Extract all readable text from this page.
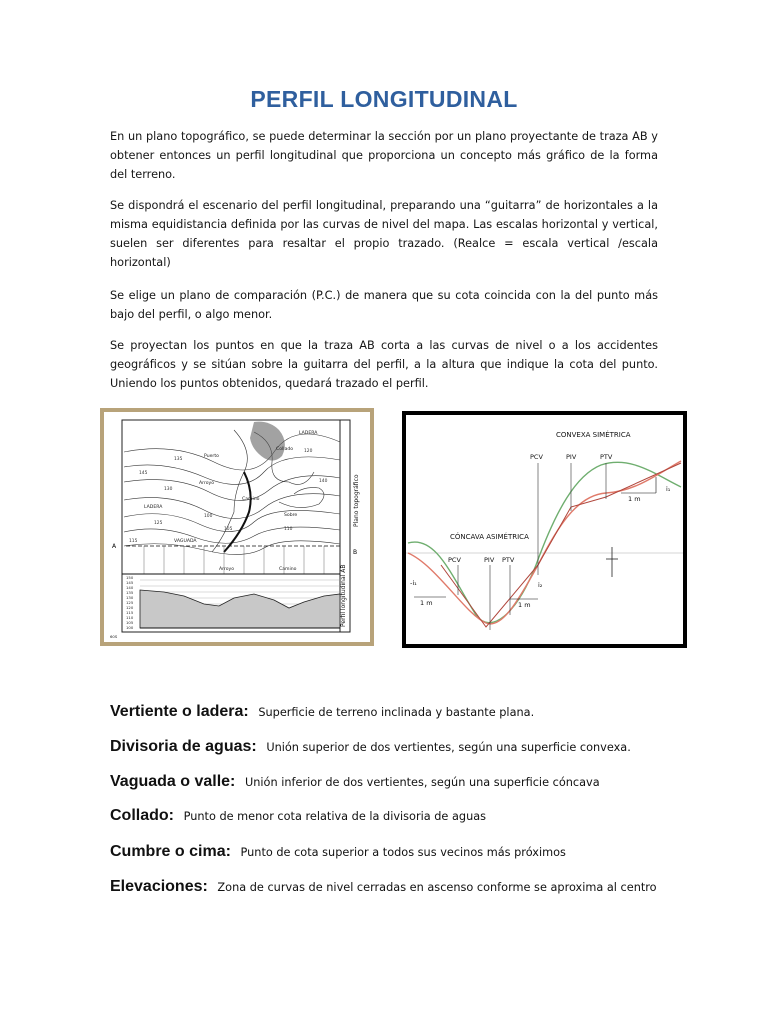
PERFIL LONGITUDINAL
En un plano topográfico, se puede determinar la sección por un plano proyectante de traza AB y obtener entonces un perfil longitudinal que proporciona un concepto más gráfico de la forma del terreno.
Se dispondrá el escenario del perfil longitudinal, preparando una “guitarra” de horizontales a la misma equidistancia definida por las curvas de nivel del mapa. Las escalas horizontal y vertical, suelen ser diferentes para resaltar el propio trazado. (Realce = escala vertical /escala horizontal)
Se elige un plano de comparación (P.C.) de manera que su cota coincida con la del punto más bajo del perfil, o algo menor.
Se proyectan los puntos en que la traza AB corta a las curvas de nivel o a los accidentes geográficos y se sitúan sobre la guitarra del perfil, a la altura que indique la cota del punto. Uniendo los puntos obtenidos, quedará trazado el perfil.
Plano topográfico
Perfil longitudinal AB
LADERA
Puerto
Collado
Arroyo
Camino
LADERA
VAGUADA
Sobre
Arroyo	Camino
135
120
145
130
140
125
105	110
115
100
A
B
150
145
140
135
130
125
120
115
110
105
100
60S
CONVEXA SIMÉTRICA
CÓNCAVA ASIMÉTRICA
PCV	PIV	PTV
PCV	PIV PTV
1 m
1 m	1 m
i₁
i₂
-i₁
Vertiente o ladera: Superficie de terreno inclinada y bastante plana.
Divisoria de aguas: Unión superior de dos vertientes, según una superficie convexa.
Vaguada o valle: Unión inferior de dos vertientes, según una superficie cóncava
Collado: Punto de menor cota relativa de la divisoria de aguas
Cumbre o cima: Punto de cota superior a todos sus vecinos más próximos
Elevaciones: Zona de curvas de nivel cerradas en ascenso conforme se aproxima al centro
